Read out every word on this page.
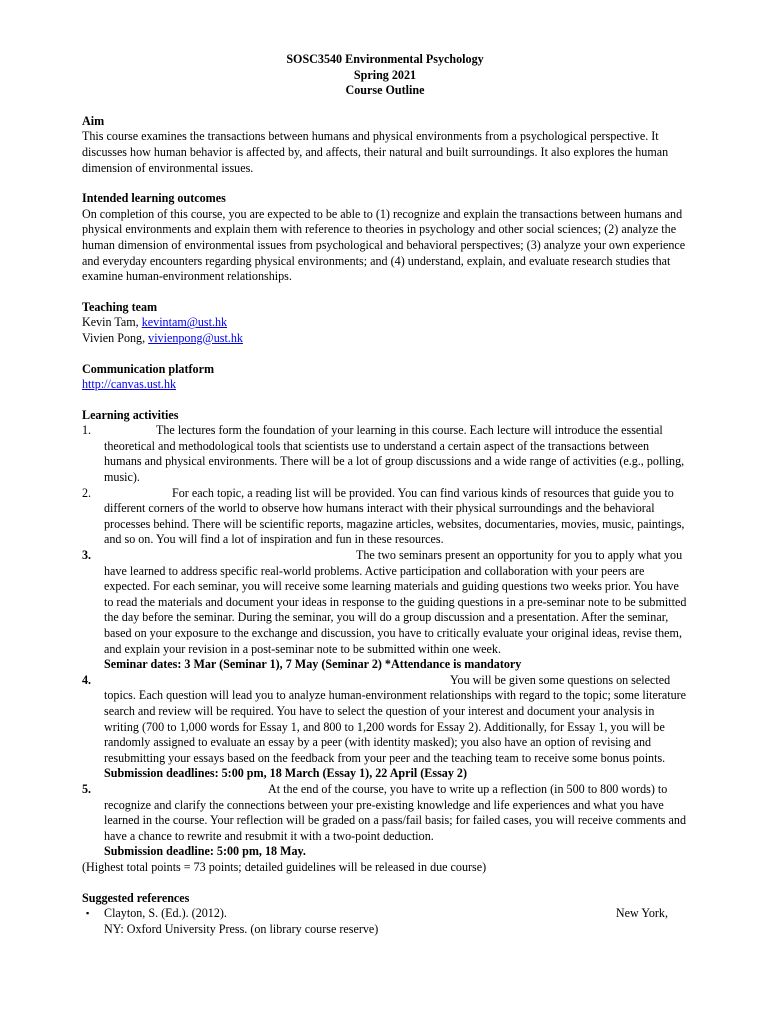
SOSC3540 Environmental Psychology
Spring 2021
Course Outline
Aim
This course examines the transactions between humans and physical environments from a psychological perspective. It discusses how human behavior is affected by, and affects, their natural and built surroundings. It also explores the human dimension of environmental issues.
Intended learning outcomes
On completion of this course, you are expected to be able to (1) recognize and explain the transactions between humans and physical environments and explain them with reference to theories in psychology and other social sciences; (2) analyze the human dimension of environmental issues from psychological and behavioral perspectives; (3) analyze your own experience and everyday encounters regarding physical environments; and (4) understand, explain, and evaluate research studies that examine human-environment relationships.
Teaching team
Kevin Tam, kevintam@ust.hk
Vivien Pong, vivienpong@ust.hk
Communication platform
http://canvas.ust.hk
Learning activities
1.	The lectures form the foundation of your learning in this course. Each lecture will introduce the essential theoretical and methodological tools that scientists use to understand a certain aspect of the transactions between humans and physical environments. There will be a lot of group discussions and a wide range of activities (e.g., polling, music).
2.	For each topic, a reading list will be provided. You can find various kinds of resources that guide you to different corners of the world to observe how humans interact with their physical surroundings and the behavioral processes behind. There will be scientific reports, magazine articles, websites, documentaries, movies, music, paintings, and so on. You will find a lot of inspiration and fun in these resources.
3.	The two seminars present an opportunity for you to apply what you have learned to address specific real-world problems. Active participation and collaboration with your peers are expected. For each seminar, you will receive some learning materials and guiding questions two weeks prior. You have to read the materials and document your ideas in response to the guiding questions in a pre-seminar note to be submitted the day before the seminar. During the seminar, you will do a group discussion and a presentation. After the seminar, based on your exposure to the exchange and discussion, you have to critically evaluate your original ideas, revise them, and explain your revision in a post-seminar note to be submitted within one week.
Seminar dates: 3 Mar (Seminar 1), 7 May (Seminar 2) *Attendance is mandatory
4.	You will be given some questions on selected topics. Each question will lead you to analyze human-environment relationships with regard to the topic; some literature search and review will be required. You have to select the question of your interest and document your analysis in writing (700 to 1,000 words for Essay 1, and 800 to 1,200 words for Essay 2). Additionally, for Essay 1, you will be randomly assigned to evaluate an essay by a peer (with identity masked); you also have an option of revising and resubmitting your essays based on the feedback from your peer and the teaching team to receive some bonus points.
Submission deadlines: 5:00 pm, 18 March (Essay 1), 22 April (Essay 2)
5.	At the end of the course, you have to write up a reflection (in 500 to 800 words) to recognize and clarify the connections between your pre-existing knowledge and life experiences and what you have learned in the course. Your reflection will be graded on a pass/fail basis; for failed cases, you will receive comments and have a chance to rewrite and resubmit it with a two-point deduction.
Submission deadline: 5:00 pm, 18 May.
(Highest total points = 73 points; detailed guidelines will be released in due course)
Suggested references
▪ Clayton, S. (Ed.). (2012).	New York,
NY: Oxford University Press. (on library course reserve)
